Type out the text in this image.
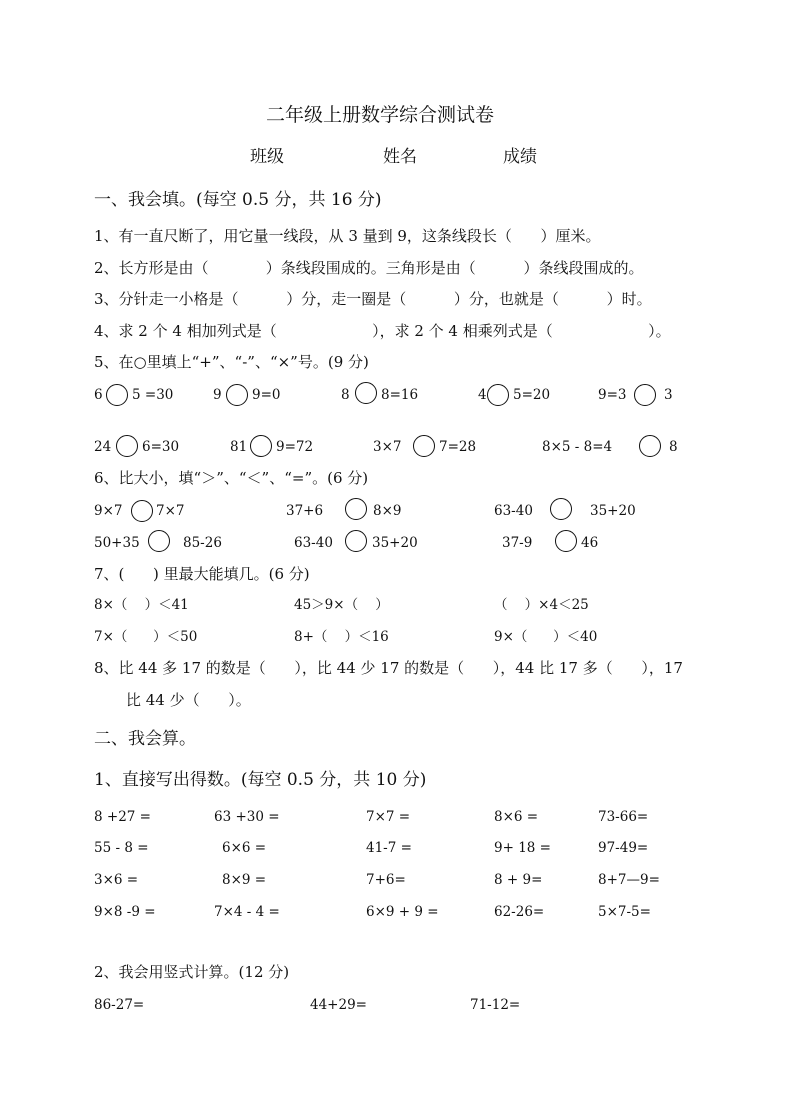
二年级上册数学综合测试卷
班级	姓名	成绩
一、我会填。(每空 0.5 分，共 16 分)
1、有一直尺断了，用它量一线段，从 3 量到 9，这条线段长（      ）厘米。
2、长方形是由（            ）条线段围成的。三角形是由（          ）条线段围成的。
3、分针走一小格是（          ）分，走一圈是（          ）分，也就是（          ）时。
4、求 2 个 4 相加列式是（                    ），求 2 个 4 相乘列式是（                    ）。
5、在○里填上“+”、“-”、“×”号。(9 分)
6 5 =30	9 9=0	8 8=16	4 5=20	9=3	3
24 6=30	81 9=72	3×7	7=28	8×5 - 8=4	8
6、比大小，填“＞”、“＜”、“=”。(6 分)
9×7 7×7	37+6	8×9	63-40	35+20
50+35	85-26	63-40	35+20	37-9	46
7、(      ) 里最大能填几。(6 分)
8×（    ）＜41	45＞9×（    ）	（    ）×4＜25
7×（      ）＜50	8+（    ）＜16	9×（      ）＜40
8、比 44 多 17 的数是（      ），比 44 少 17 的数是（      ），44 比 17 多（      ），17
比 44 少（      ）。
二、我会算。
1、直接写出得数。(每空 0.5 分，共 10 分)
8 +27 =	63 +30 =	7×7 =	8×6 =	73-66=
55 - 8 =	6×6 =	41-7 =	9+ 18 =	97-49=
3×6 =	8×9 =	7+6=	8 + 9=	8+7—9=
9×8 -9 =	7×4 - 4 =	6×9 + 9 =	62-26=	5×7-5=
2、我会用竖式计算。(12 分)
86-27=	44+29=	71-12=
